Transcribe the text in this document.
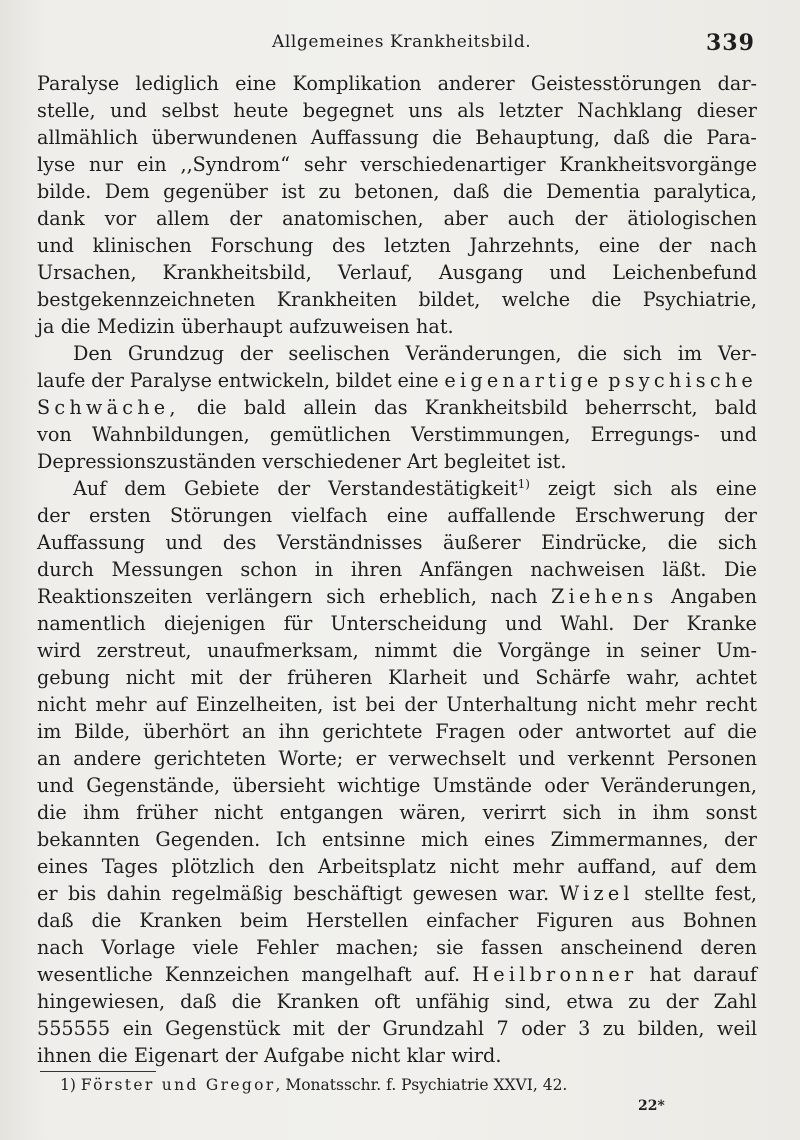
Allgemeines Krankheitsbild.	339
Paralyse lediglich eine Komplikation anderer Geistesstörungen dar-
stelle, und selbst heute begegnet uns als letzter Nachklang dieser
allmählich überwundenen Auffassung die Behauptung, daß die Para-
lyse nur ein ,,Syndrom“ sehr verschiedenartiger Krankheitsvorgänge
bilde. Dem gegenüber ist zu betonen, daß die Dementia paralytica,
dank vor allem der anatomischen, aber auch der ätiologischen
und klinischen Forschung des letzten Jahrzehnts, eine der nach
Ursachen, Krankheitsbild, Verlauf, Ausgang und Leichenbefund
bestgekennzeichneten Krankheiten bildet, welche die Psychiatrie,
ja die Medizin überhaupt aufzuweisen hat.
Den Grundzug der seelischen Veränderungen, die sich im Ver-
laufe der Paralyse entwickeln, bildet eine eigenartige psychische
Schwäche, die bald allein das Krankheitsbild beherrscht, bald
von Wahnbildungen, gemütlichen Verstimmungen, Erregungs- und
Depressionszuständen verschiedener Art begleitet ist.
Auf dem Gebiete der Verstandestätigkeit$^{1)}$ zeigt sich als eine
der ersten Störungen vielfach eine auffallende Erschwerung der
Auffassung und des Verständnisses äußerer Eindrücke, die sich
durch Messungen schon in ihren Anfängen nachweisen läßt. Die
Reaktionszeiten verlängern sich erheblich, nach Ziehens Angaben
namentlich diejenigen für Unterscheidung und Wahl. Der Kranke
wird zerstreut, unaufmerksam, nimmt die Vorgänge in seiner Um-
gebung nicht mit der früheren Klarheit und Schärfe wahr, achtet
nicht mehr auf Einzelheiten, ist bei der Unterhaltung nicht mehr recht
im Bilde, überhört an ihn gerichtete Fragen oder antwortet auf die
an andere gerichteten Worte; er verwechselt und verkennt Personen
und Gegenstände, übersieht wichtige Umstände oder Veränderungen,
die ihm früher nicht entgangen wären, verirrt sich in ihm sonst
bekannten Gegenden. Ich entsinne mich eines Zimmermannes, der
eines Tages plötzlich den Arbeitsplatz nicht mehr auffand, auf dem
er bis dahin regelmäßig beschäftigt gewesen war. Wizel stellte fest,
daß die Kranken beim Herstellen einfacher Figuren aus Bohnen
nach Vorlage viele Fehler machen; sie fassen anscheinend deren
wesentliche Kennzeichen mangelhaft auf. Heilbronner hat darauf
hingewiesen, daß die Kranken oft unfähig sind, etwa zu der Zahl
555555 ein Gegenstück mit der Grundzahl 7 oder 3 zu bilden, weil
ihnen die Eigenart der Aufgabe nicht klar wird.
1) Förster und Gregor, Monatsschr. f. Psychiatrie XXVI, 42.
22*
